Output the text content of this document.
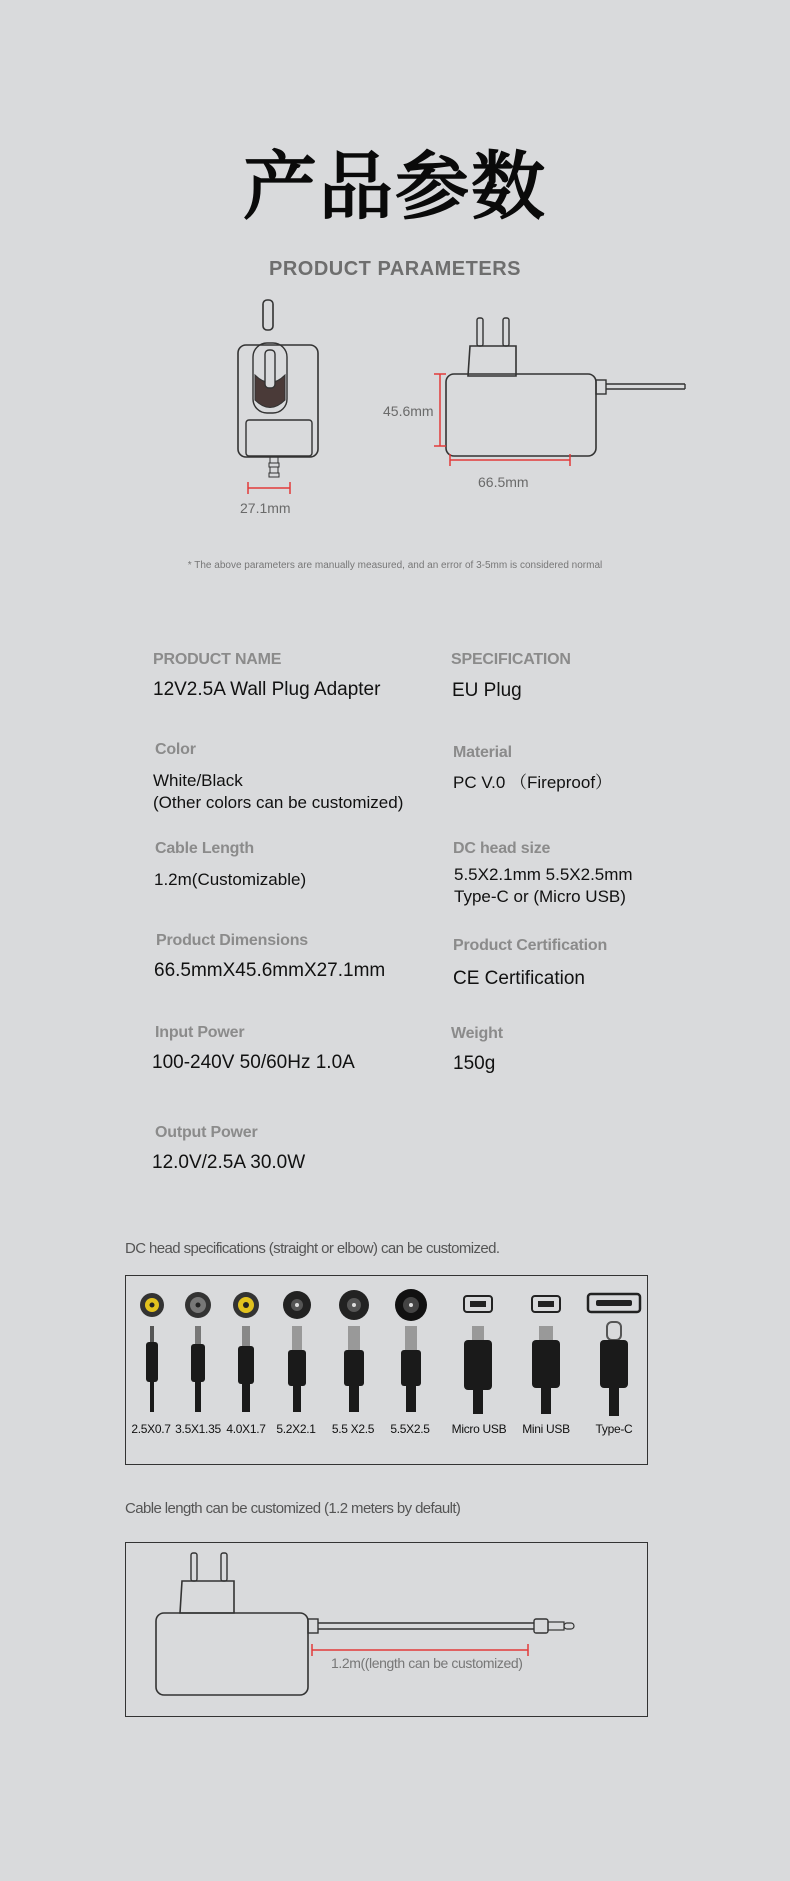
产品参数
PRODUCT PARAMETERS
27.1mm
45.6mm
66.5mm
* The above parameters are manually measured, and an error of 3-5mm is considered normal
PRODUCT NAME
12V2.5A Wall Plug Adapter
SPECIFICATION
EU Plug
Color
White/Black
(Other colors can be customized)
Material
PC V.0 （Fireproof）
Cable Length
1.2m(Customizable)
DC head size
5.5X2.1mm 5.5X2.5mm
Type-C or (Micro USB)
Product Dimensions
66.5mmX45.6mmX27.1mm
Product Certification
CE Certification
Input Power
100-240V 50/60Hz 1.0A
Weight
150g
Output Power
12.0V/2.5A 30.0W
DC head specifications (straight or elbow) can be customized.
2.5X0.7 3.5X1.35 4.0X1.7 5.2X2.1	5.5 X2.5	5.5X2.5	Micro USB	Mini USB	Type-C
Cable length can be customized (1.2 meters by default)
1.2m((length can be customized)
